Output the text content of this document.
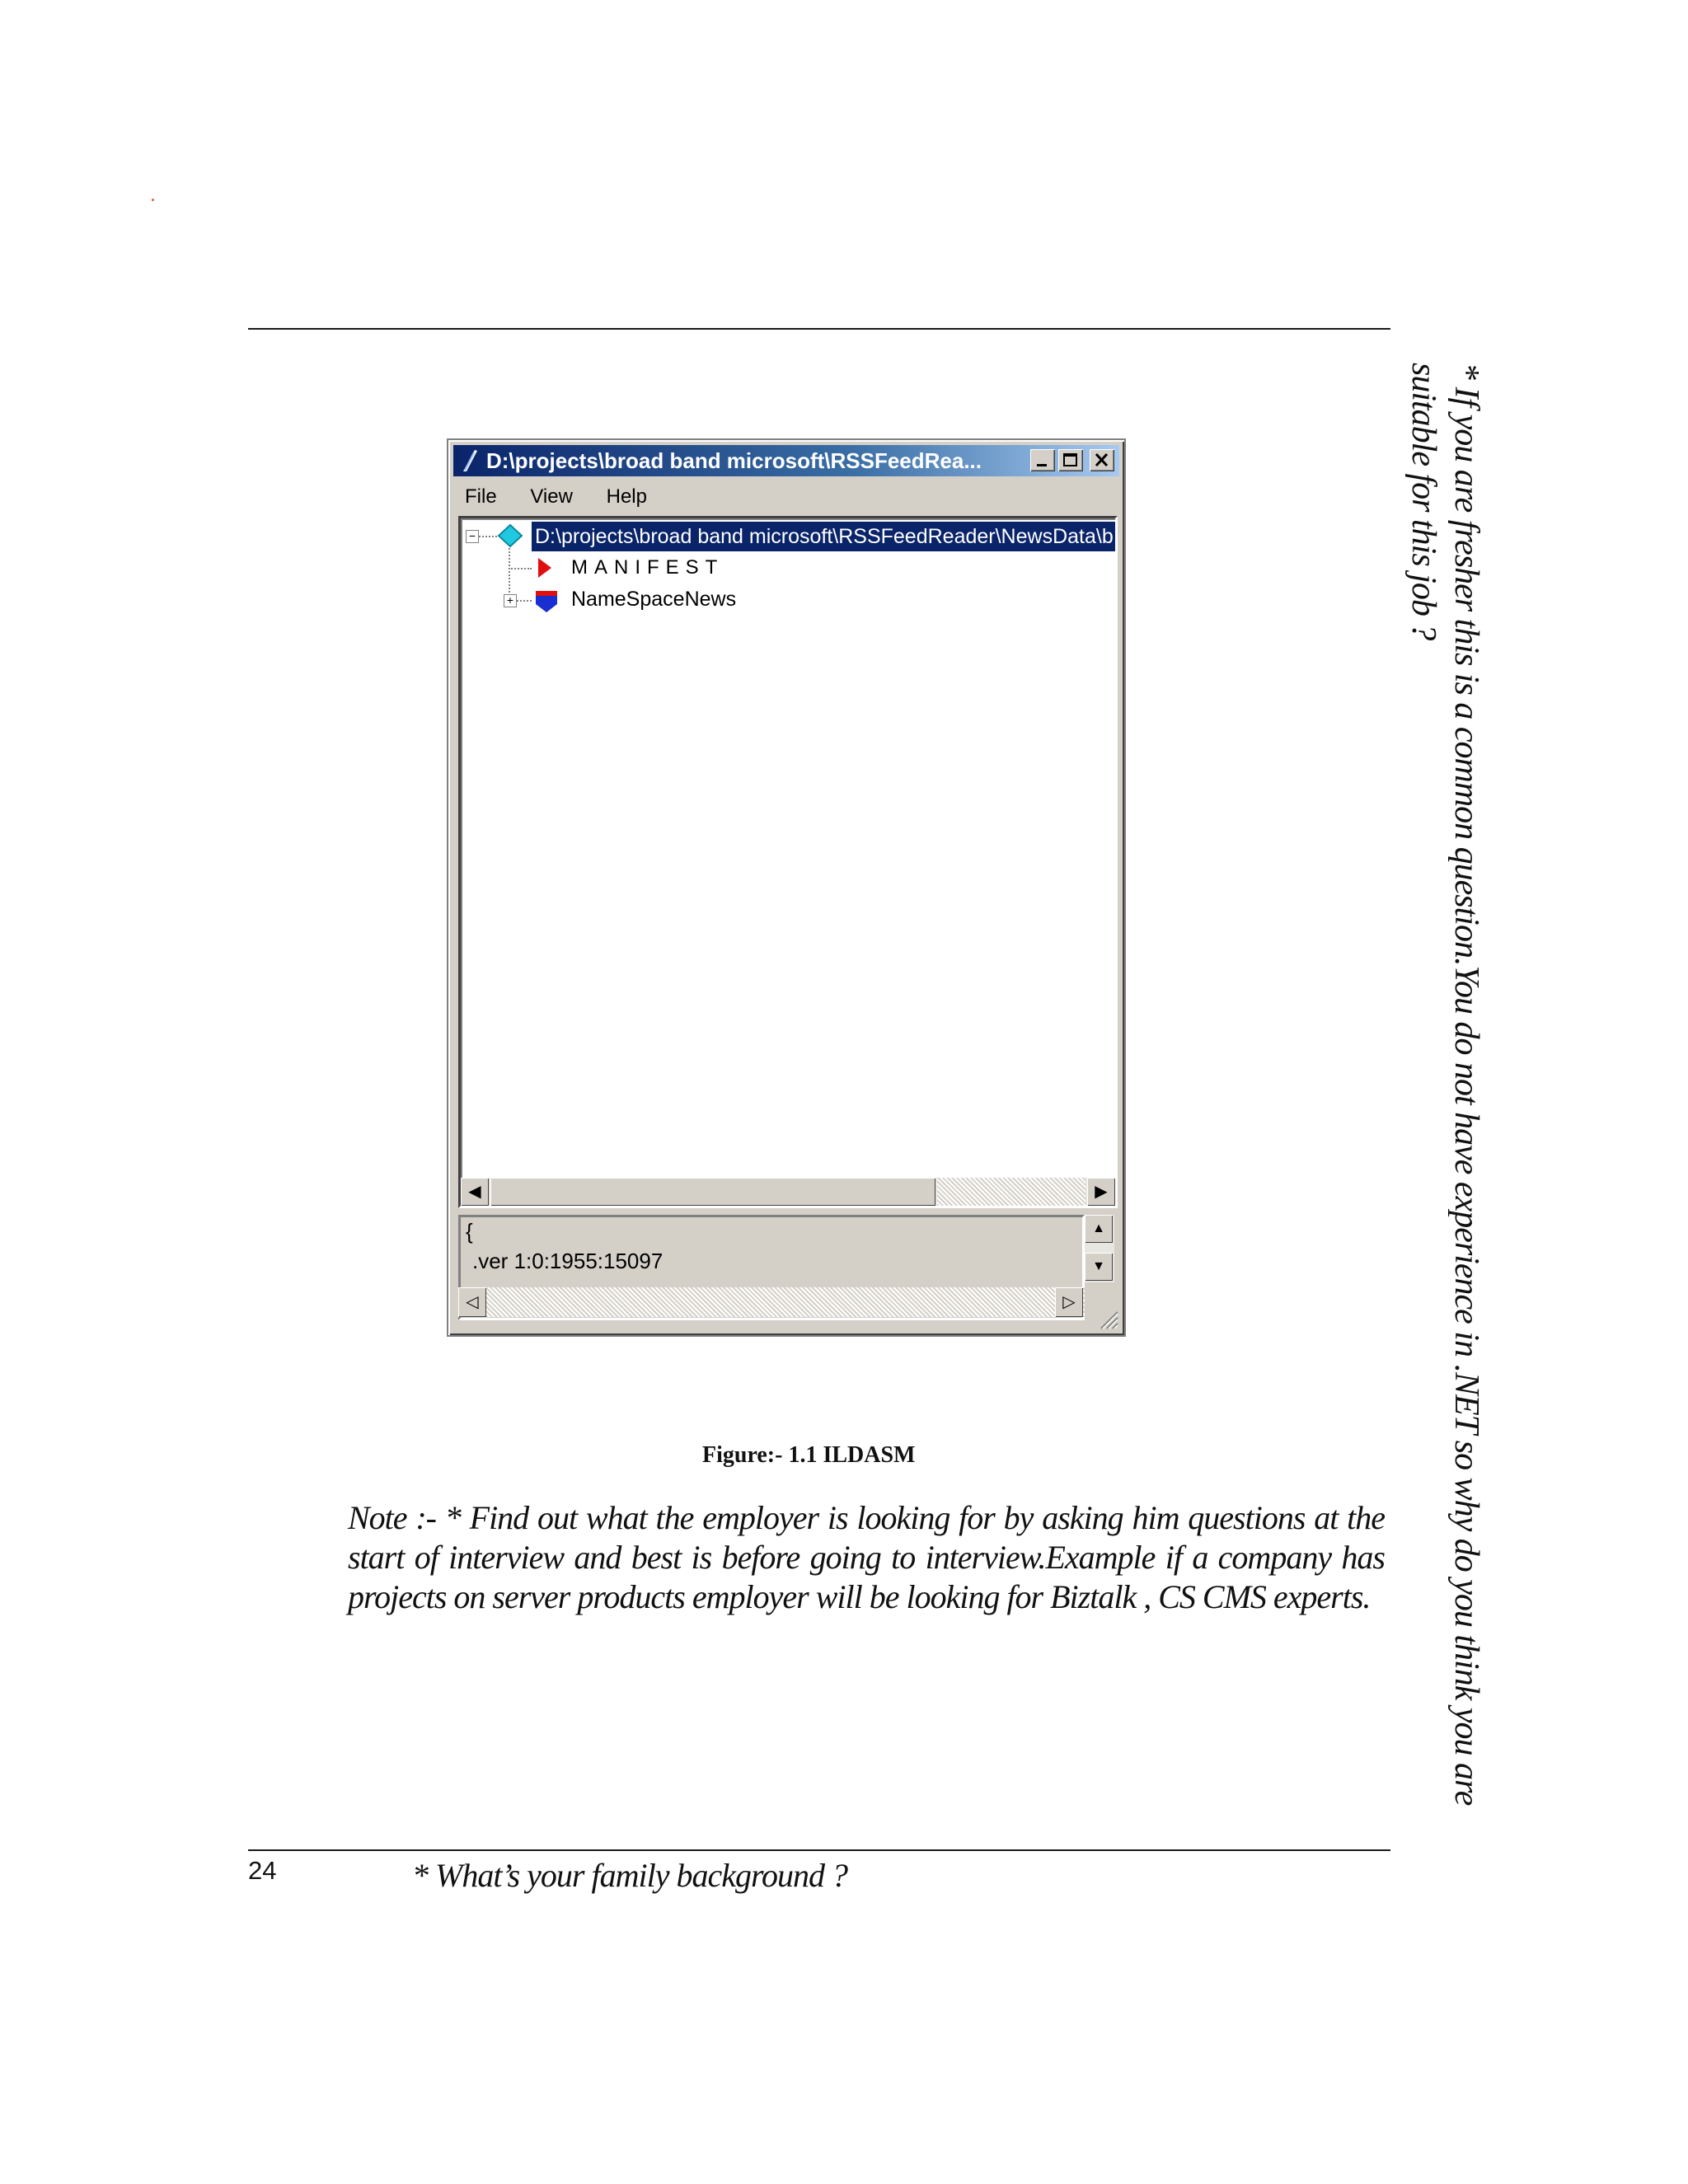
* If you are fresher this is a common question.You do not have experience in .NET so why do you think you are suitable for this job ?
D:\projects\broad band microsoft\RSSFeedRea...
File View Help
−	D:\projects\broad band microsoft\RSSFeedReader\NewsData\b
MANIFEST
+	NameSpaceNews
◀	▶
{
.ver 1:0:1955:15097
▲
▼
◁	▷
Figure:- 1.1 ILDASM
Note :- * Find out what the employer is looking for by asking him questions at the start of interview and best is before going to interview.Example if a company has projects on server products employer will be looking for Biztalk , CS CMS experts.
24	* What’s your family background ?
